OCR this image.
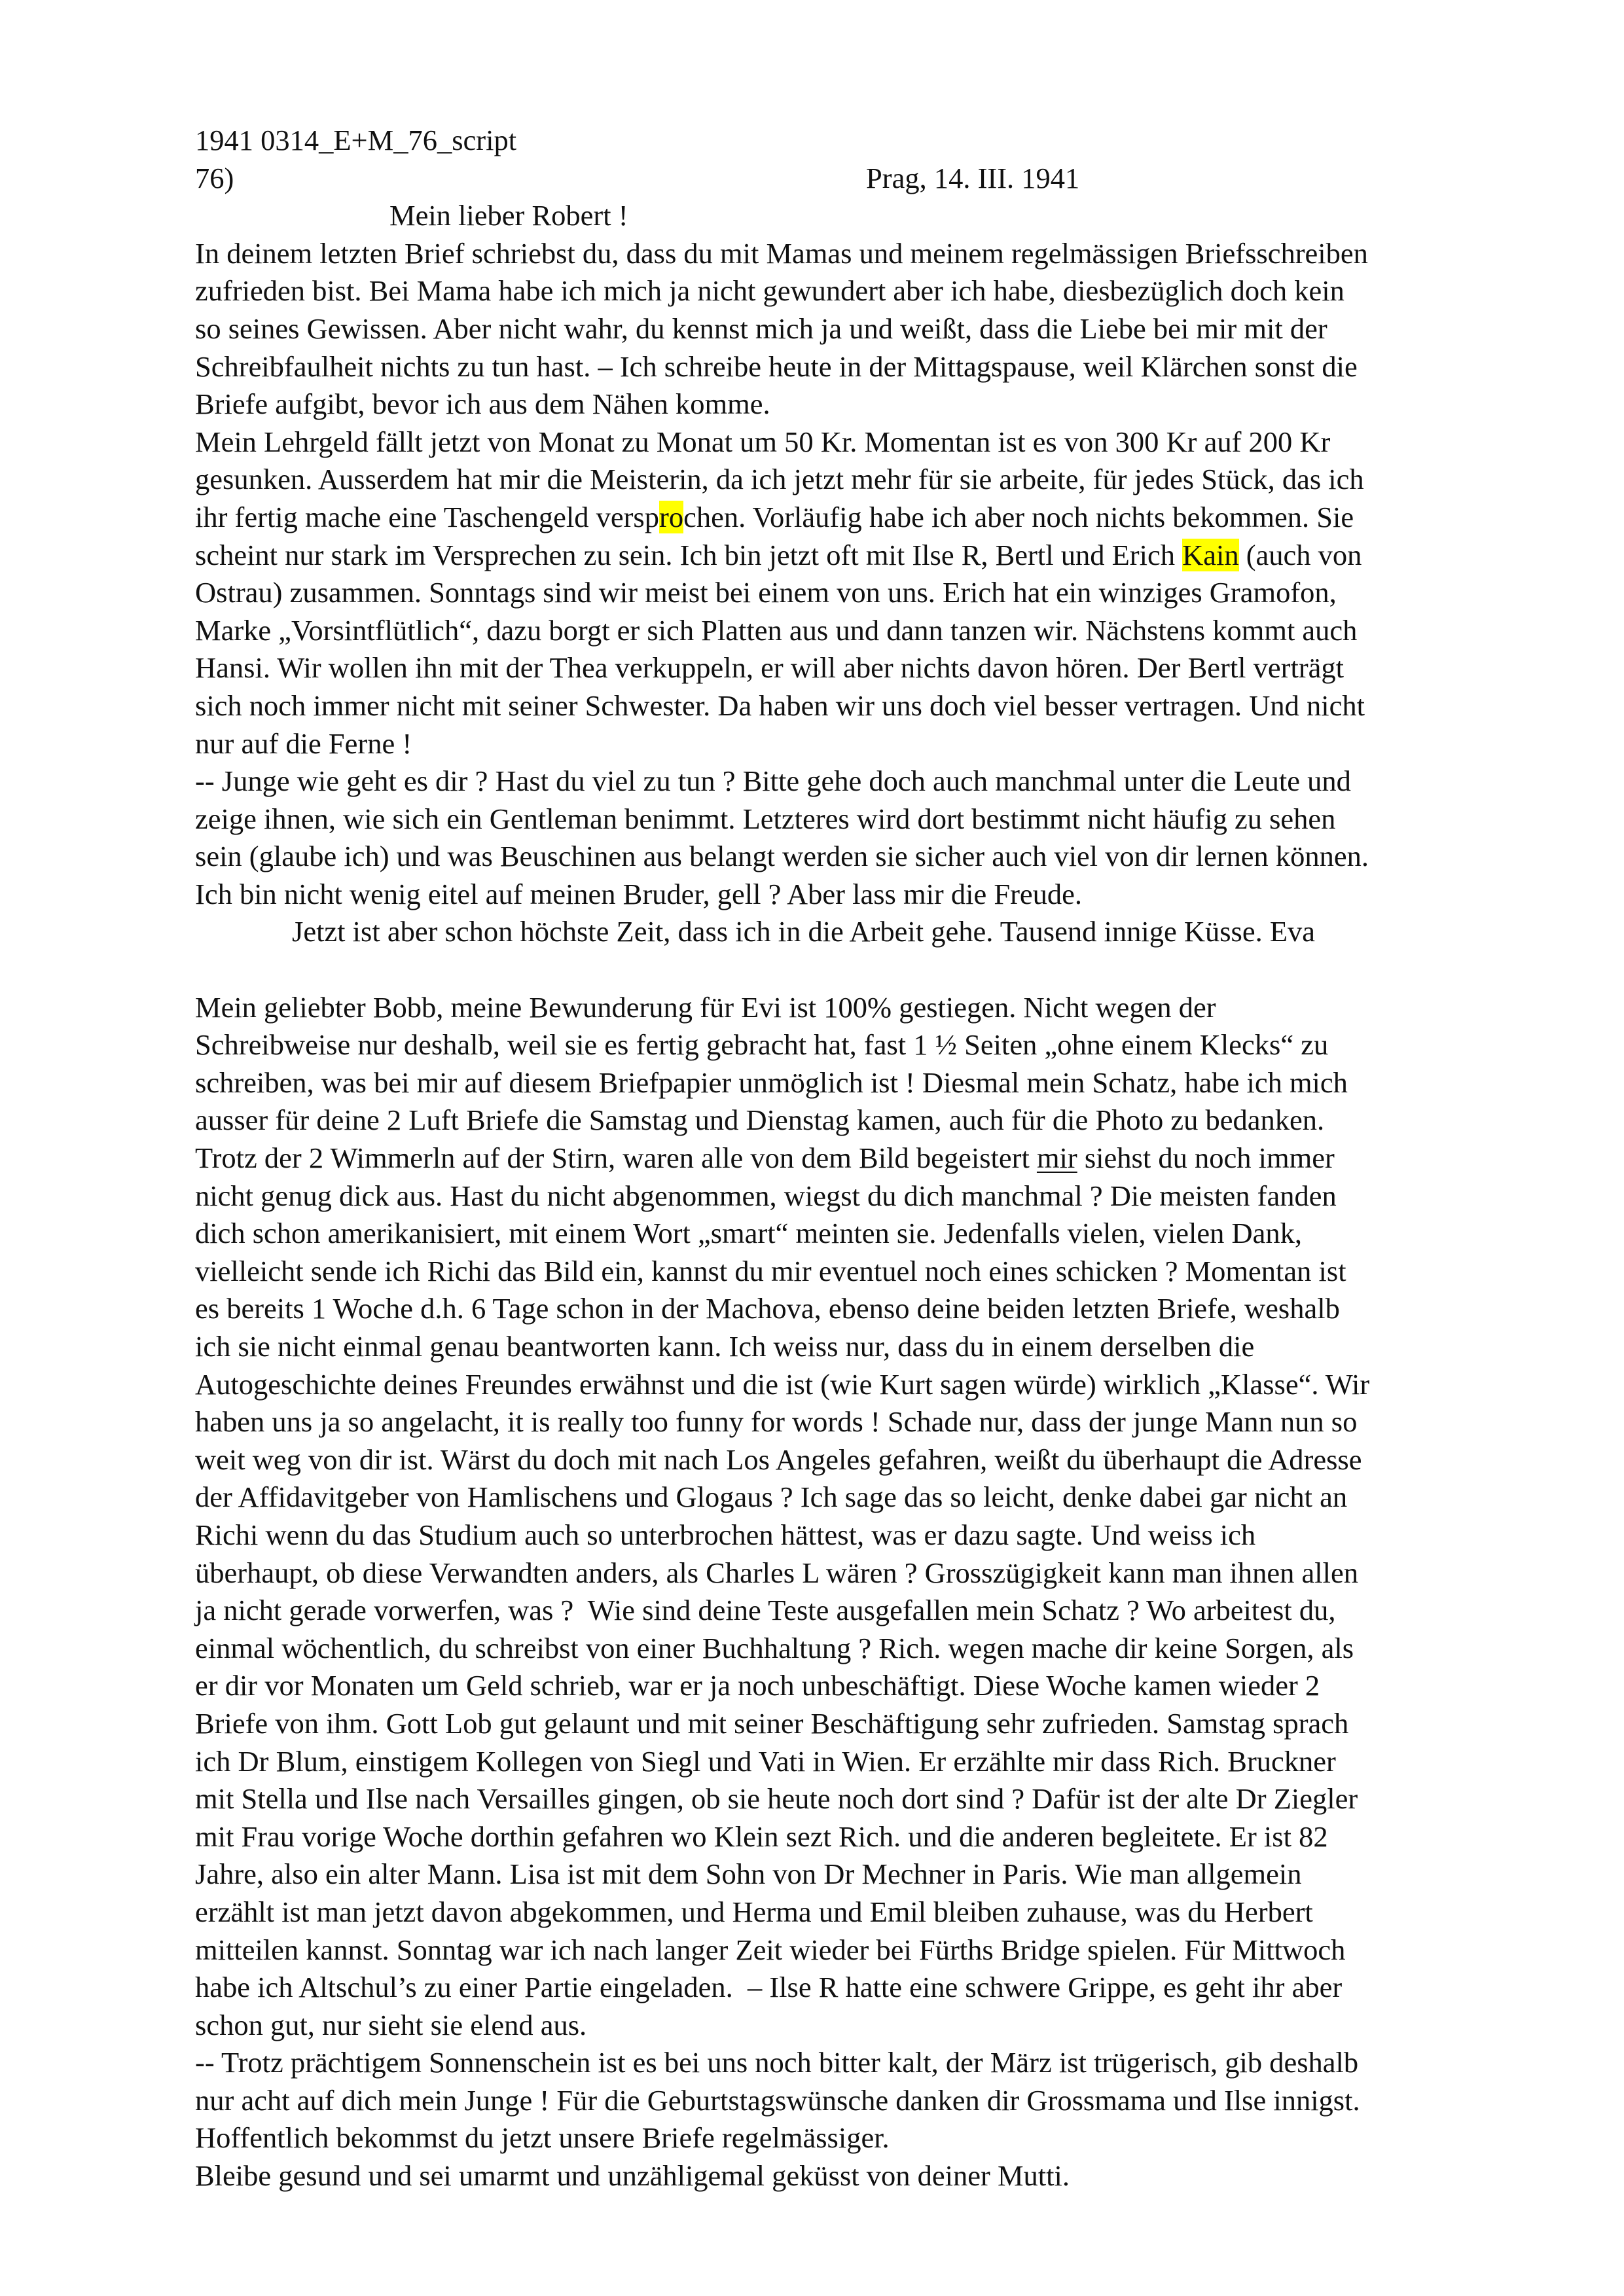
1941 0314_E+M_76_script
76)	Prag, 14. III. 1941
Mein lieber Robert !
In deinem letzten Brief schriebst du, dass du mit Mamas und meinem regelmässigen Briefsschreiben
zufrieden bist. Bei Mama habe ich mich ja nicht gewundert aber ich habe, diesbezüglich doch kein
so seines Gewissen. Aber nicht wahr, du kennst mich ja und weißt, dass die Liebe bei mir mit der
Schreibfaulheit nichts zu tun hast. – Ich schreibe heute in der Mittagspause, weil Klärchen sonst die
Briefe aufgibt, bevor ich aus dem Nähen komme.
Mein Lehrgeld fällt jetzt von Monat zu Monat um 50 Kr. Momentan ist es von 300 Kr auf 200 Kr
gesunken. Ausserdem hat mir die Meisterin, da ich jetzt mehr für sie arbeite, für jedes Stück, das ich
ihr fertig mache eine Taschengeld versprochen. Vorläufig habe ich aber noch nichts bekommen. Sie
scheint nur stark im Versprechen zu sein. Ich bin jetzt oft mit Ilse R, Bertl und Erich Kain (auch von
Ostrau) zusammen. Sonntags sind wir meist bei einem von uns. Erich hat ein winziges Gramofon,
Marke „Vorsintflütlich“, dazu borgt er sich Platten aus und dann tanzen wir. Nächstens kommt auch
Hansi. Wir wollen ihn mit der Thea verkuppeln, er will aber nichts davon hören. Der Bertl verträgt
sich noch immer nicht mit seiner Schwester. Da haben wir uns doch viel besser vertragen. Und nicht
nur auf die Ferne !
-- Junge wie geht es dir ? Hast du viel zu tun ? Bitte gehe doch auch manchmal unter die Leute und
zeige ihnen, wie sich ein Gentleman benimmt. Letzteres wird dort bestimmt nicht häufig zu sehen
sein (glaube ich) und was Beuschinen aus belangt werden sie sicher auch viel von dir lernen können.
Ich bin nicht wenig eitel auf meinen Bruder, gell ? Aber lass mir die Freude.
Jetzt ist aber schon höchste Zeit, dass ich in die Arbeit gehe. Tausend innige Küsse. Eva
Mein geliebter Bobb, meine Bewunderung für Evi ist 100% gestiegen. Nicht wegen der
Schreibweise nur deshalb, weil sie es fertig gebracht hat, fast 1 ½ Seiten „ohne einem Klecks“ zu
schreiben, was bei mir auf diesem Briefpapier unmöglich ist ! Diesmal mein Schatz, habe ich mich
ausser für deine 2 Luft Briefe die Samstag und Dienstag kamen, auch für die Photo zu bedanken.
Trotz der 2 Wimmerln auf der Stirn, waren alle von dem Bild begeistert mir siehst du noch immer
nicht genug dick aus. Hast du nicht abgenommen, wiegst du dich manchmal ? Die meisten fanden
dich schon amerikanisiert, mit einem Wort „smart“ meinten sie. Jedenfalls vielen, vielen Dank,
vielleicht sende ich Richi das Bild ein, kannst du mir eventuel noch eines schicken ? Momentan ist
es bereits 1 Woche d.h. 6 Tage schon in der Machova, ebenso deine beiden letzten Briefe, weshalb
ich sie nicht einmal genau beantworten kann. Ich weiss nur, dass du in einem derselben die
Autogeschichte deines Freundes erwähnst und die ist (wie Kurt sagen würde) wirklich „Klasse“. Wir
haben uns ja so angelacht, it is really too funny for words ! Schade nur, dass der junge Mann nun so
weit weg von dir ist. Wärst du doch mit nach Los Angeles gefahren, weißt du überhaupt die Adresse
der Affidavitgeber von Hamlischens und Glogaus ? Ich sage das so leicht, denke dabei gar nicht an
Richi wenn du das Studium auch so unterbrochen hättest, was er dazu sagte. Und weiss ich
überhaupt, ob diese Verwandten anders, als Charles L wären ? Grosszügigkeit kann man ihnen allen
ja nicht gerade vorwerfen, was ?  Wie sind deine Teste ausgefallen mein Schatz ? Wo arbeitest du,
einmal wöchentlich, du schreibst von einer Buchhaltung ? Rich. wegen mache dir keine Sorgen, als
er dir vor Monaten um Geld schrieb, war er ja noch unbeschäftigt. Diese Woche kamen wieder 2
Briefe von ihm. Gott Lob gut gelaunt und mit seiner Beschäftigung sehr zufrieden. Samstag sprach
ich Dr Blum, einstigem Kollegen von Siegl und Vati in Wien. Er erzählte mir dass Rich. Bruckner
mit Stella und Ilse nach Versailles gingen, ob sie heute noch dort sind ? Dafür ist der alte Dr Ziegler
mit Frau vorige Woche dorthin gefahren wo Klein sezt Rich. und die anderen begleitete. Er ist 82
Jahre, also ein alter Mann. Lisa ist mit dem Sohn von Dr Mechner in Paris. Wie man allgemein
erzählt ist man jetzt davon abgekommen, und Herma und Emil bleiben zuhause, was du Herbert
mitteilen kannst. Sonntag war ich nach langer Zeit wieder bei Fürths Bridge spielen. Für Mittwoch
habe ich Altschul’s zu einer Partie eingeladen.  – Ilse R hatte eine schwere Grippe, es geht ihr aber
schon gut, nur sieht sie elend aus.
-- Trotz prächtigem Sonnenschein ist es bei uns noch bitter kalt, der März ist trügerisch, gib deshalb
nur acht auf dich mein Junge ! Für die Geburtstagswünsche danken dir Grossmama und Ilse innigst.
Hoffentlich bekommst du jetzt unsere Briefe regelmässiger.
Bleibe gesund und sei umarmt und unzähligemal geküsst von deiner Mutti.
